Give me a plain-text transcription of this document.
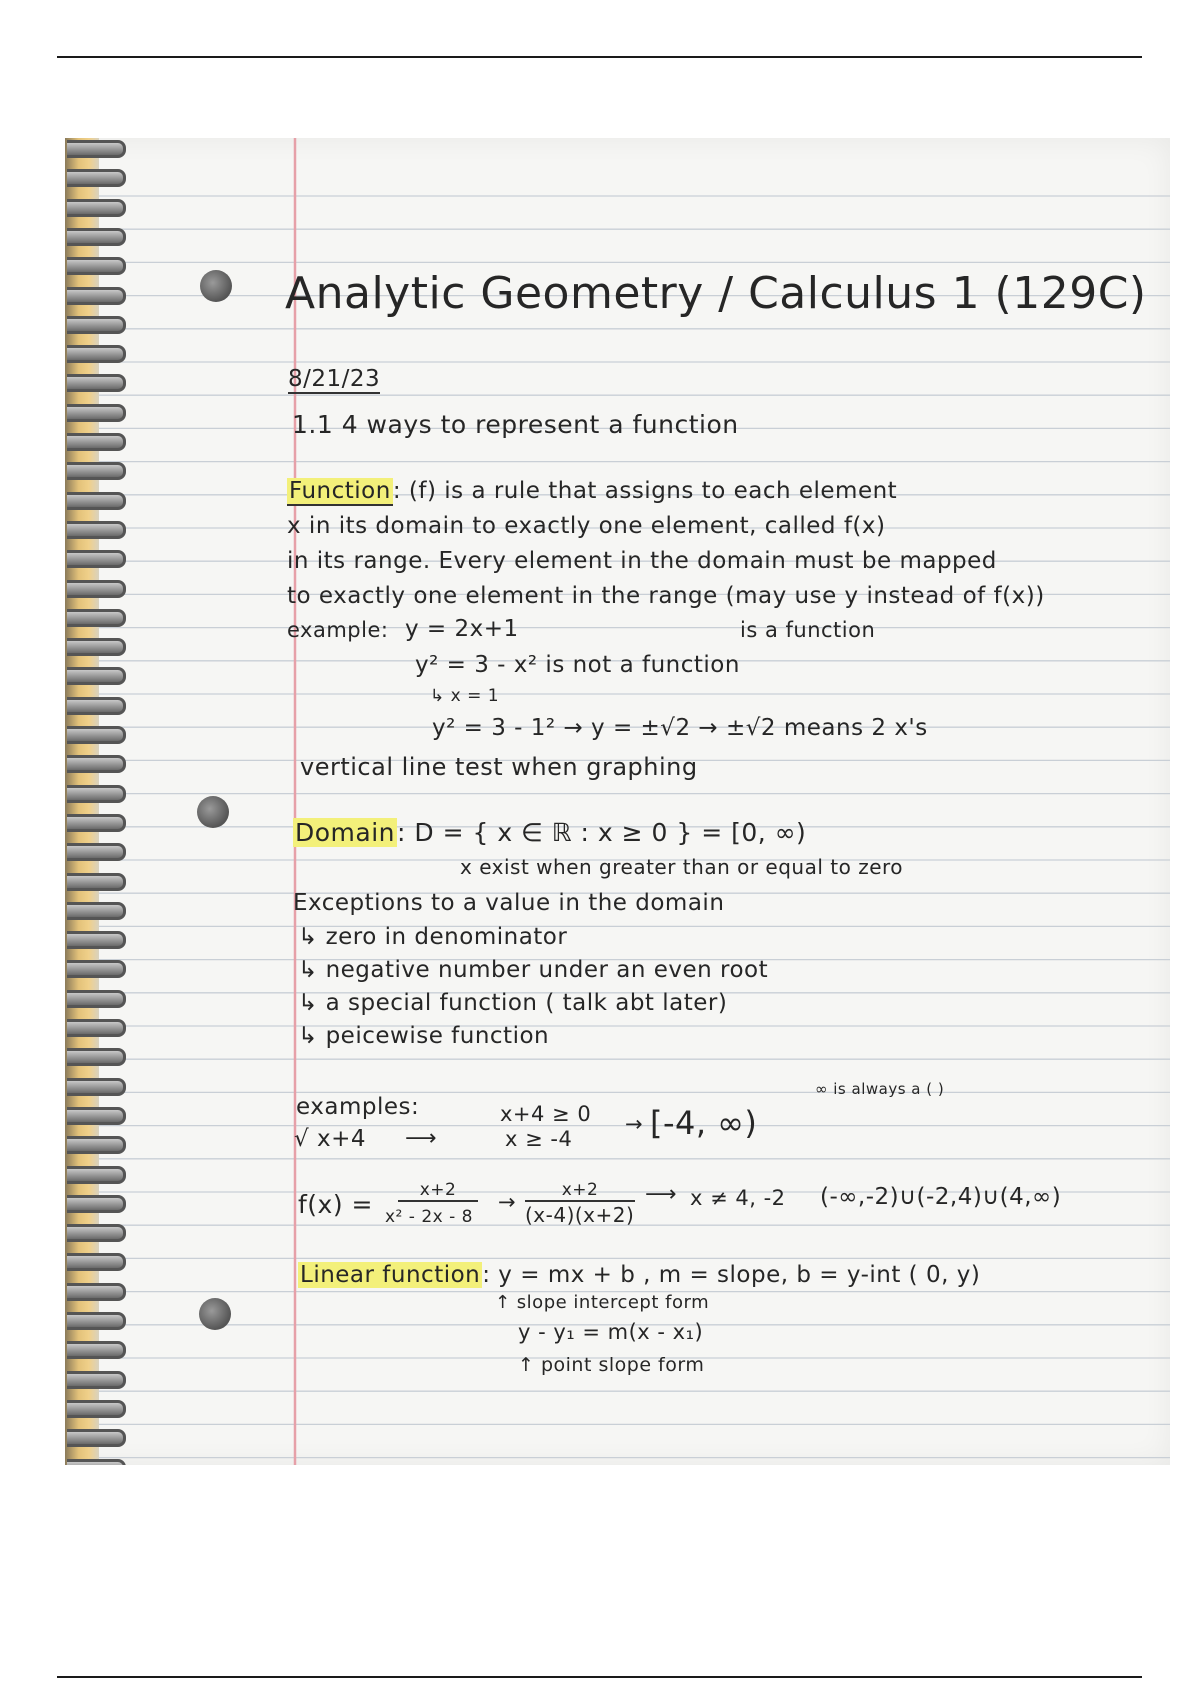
Analytic Geometry / Calculus 1 (129C)
8/21/23
1.1 4 ways to represent a function
Function: (f) is a rule that assigns to each element
x in its domain to exactly one element, called f(x)
in its range. Every element in the domain must be mapped
to exactly one element in the range (may use y instead of f(x))
example: y = 2x+1	is a function
y² = 3 - x² is not a function
↳ x = 1
y² = 3 - 1² → y = ±√2 → ±√2 means 2 x's
vertical line test when graphing
Domain: D = { x ∈ ℝ : x ≥ 0 } = [0, ∞)
x exist when greater than or equal to zero
Exceptions to a value in the domain
↳ zero in denominator
↳ negative number under an even root
↳ a special function ( talk abt later)
↳ peicewise function
∞ is always a ( )
examples:
√ x+4 ⟶
x+4 ≥ 0
x ≥ -4
→ [-4, ∞)
f(x) =	x+2
x² - 2x - 8
→	x+2
(x-4)(x+2)
⟶ x ≠ 4, -2 (-∞,-2)∪(-2,4)∪(4,∞)
Linear function: y = mx + b , m = slope, b = y-int ( 0, y)
↑ slope intercept form
y - y₁ = m(x - x₁)
↑ point slope form
